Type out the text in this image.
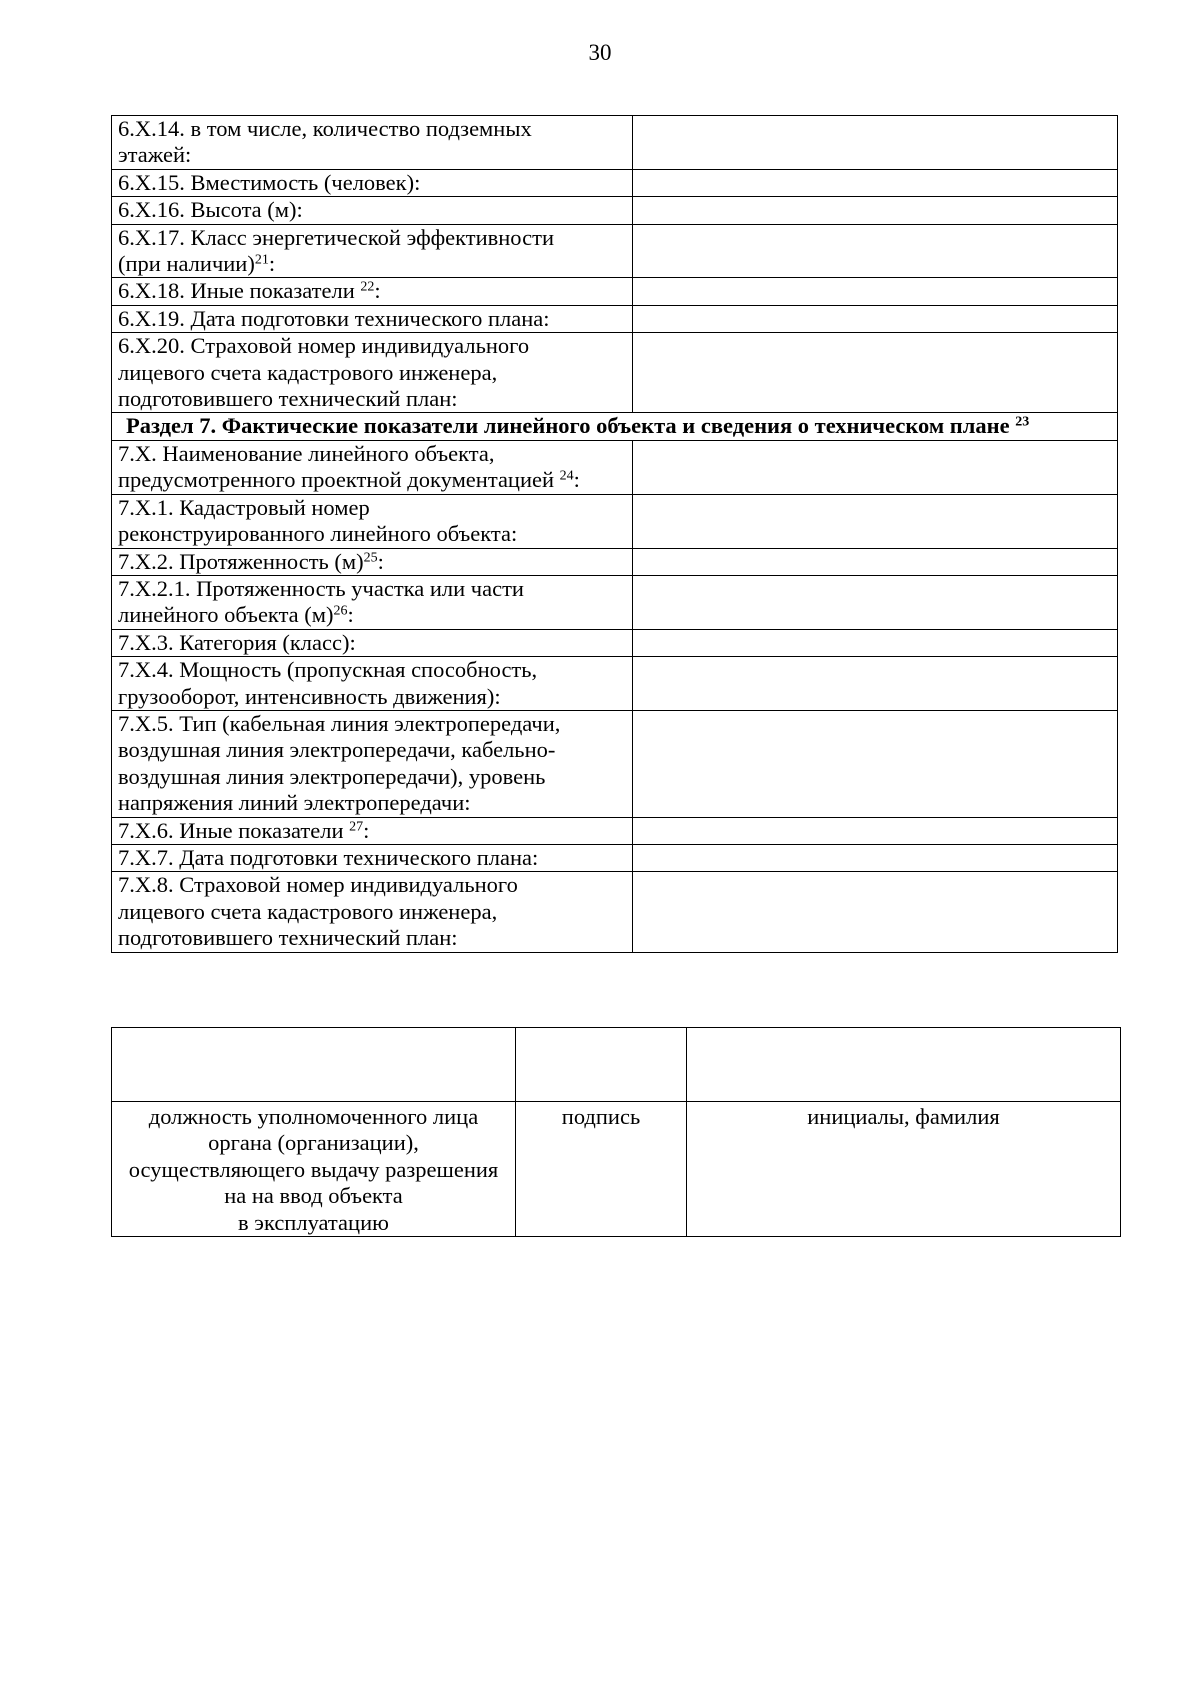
30
6.Х.14. в том числе, количество подземных
этажей:	
6.Х.15. Вместимость (человек):	
6.Х.16. Высота (м):	
6.Х.17. Класс энергетической эффективности
(при наличии)$^{21}$:	
6.Х.18. Иные показатели $^{22}$:	
6.Х.19. Дата подготовки технического плана:	
6.Х.20. Страховой номер индивидуального
лицевого счета кадастрового инженера,
подготовившего технический план:	
Раздел 7. Фактические показатели линейного объекта и сведения о техническом плане $^{23}$
7.Х. Наименование линейного объекта,
предусмотренного проектной документацией $^{24}$:	
7.Х.1. Кадастровый номер
реконструированного линейного объекта:	
7.Х.2. Протяженность $(м)^{25}$:	
7.Х.2.1. Протяженность участка или части
линейного объекта $(м)^{26}$:	
7.Х.3. Категория (класс):	
7.Х.4. Мощность (пропускная способность,
грузооборот, интенсивность движения):	
7.Х.5. Тип (кабельная линия электропередачи,
воздушная линия электропередачи, кабельно-
воздушная линия электропередачи), уровень
напряжения линий электропередачи:	
7.Х.6. Иные показатели $^{27}$:	
7.Х.7. Дата подготовки технического плана:	
7.Х.8. Страховой номер индивидуального
лицевого счета кадастрового инженера,
подготовившего технический план:	

должность уполномоченного лица
органа (организации),
осуществляющего выдачу разрешения
на на ввод объекта
в эксплуатацию	подпись	инициалы, фамилия
